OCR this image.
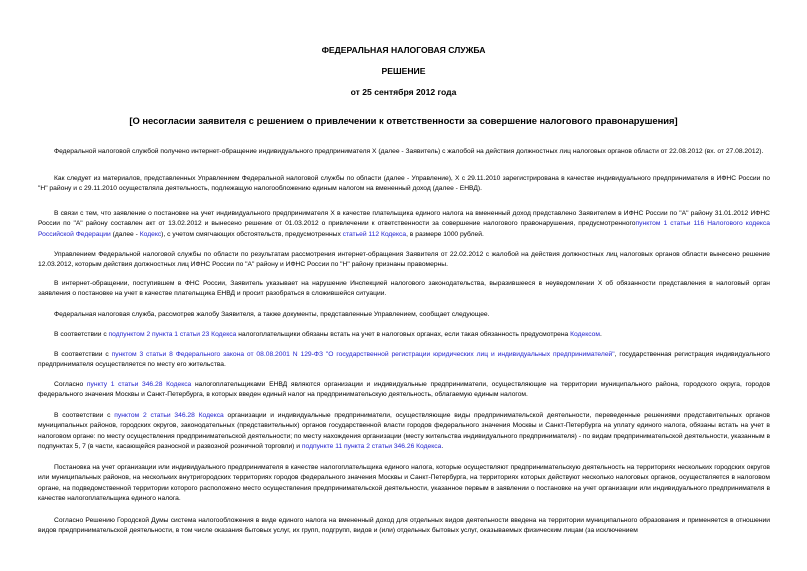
ФЕДЕРАЛЬНАЯ НАЛОГОВАЯ СЛУЖБА
РЕШЕНИЕ
от 25 сентября 2012 года
[О несогласии заявителя с решением о привлечении к ответственности за совершение налогового правонарушения]

Федеральной налоговой службой получено интернет-обращение индивидуального предпринимателя Х (далее - Заявитель) с жалобой на действия должностных лиц налоговых органов области от 22.08.2012 (вх. от 27.08.2012).

Как следует из материалов, представленных Управлением Федеральной налоговой службы по области (далее - Управление), Х с 29.11.2010 зарегистрирована в качестве индивидуального предпринимателя в ИФНС России по "Н" району и с 29.11.2010 осуществляла деятельность, подлежащую налогообложению единым налогом на вмененный доход (далее - ЕНВД).

В связи с тем, что заявление о постановке на учет индивидуального предпринимателя Х в качестве плательщика единого налога на вмененный доход представлено Заявителем в ИФНС России по "А" району 31.01.2012 ИФНС России по "А" району составлен акт от 13.02.2012 и вынесено решение от 01.03.2012 о привлечении к ответственности за совершение налогового правонарушения, предусмотренногопунктом 1 статьи 116 Налогового кодекса Российской Федерации (далее - Кодекс), с учетом смягчающих обстоятельств, предусмотренных статьей 112 Кодекса, в размере 1000 рублей.

Управлением Федеральной налоговой службы по области по результатам рассмотрения интернет-обращения Заявителя от 22.02.2012 с жалобой на действия должностных лиц налоговых органов области вынесено решение 12.03.2012, которым действия должностных лиц ИФНС России по "А" району и ИФНС России по "Н" району признаны правомерны.

В интернет-обращении, поступившем в ФНС России, Заявитель указывает на нарушение Инспекцией налогового законодательства, выразившееся в неуведомлении Х об обязанности представления в налоговый орган заявления о постановке на учет в качестве плательщика ЕНВД и просит разобраться в сложившейся ситуации.

Федеральная налоговая служба, рассмотрев жалобу Заявителя, а также документы, представленные Управлением, сообщает следующее.

В соответствии с подпунктом 2 пункта 1 статьи 23 Кодекса налогоплательщики обязаны встать на учет в налоговых органах, если такая обязанность предусмотрена Кодексом.

В соответствии с пунктом 3 статьи 8 Федерального закона от 08.08.2001 N 129-ФЗ "О государственной регистрации юридических лиц и индивидуальных предпринимателей", государственная регистрация индивидуального предпринимателя осуществляется по месту его жительства.

Согласно пункту 1 статьи 346.28 Кодекса налогоплательщиками ЕНВД являются организации и индивидуальные предприниматели, осуществляющие на территории муниципального района, городского округа, городов федерального значения Москвы и Санкт-Петербурга, в которых введен единый налог на предпринимательскую деятельность, облагаемую единым налогом.

В соответствии с пунктом 2 статьи 346.28 Кодекса организации и индивидуальные предприниматели, осуществляющие виды предпринимательской деятельности, переведенные решениями представительных органов муниципальных районов, городских округов, законодательных (представительных) органов государственной власти городов федерального значения Москвы и Санкт-Петербурга на уплату единого налога, обязаны встать на учет в налоговом органе: по месту осуществления предпринимательской деятельности; по месту нахождения организации (месту жительства индивидуального предпринимателя) - по видам предпринимательской деятельности, указанным в подпунктах 5, 7 (в части, касающейся разносной и развозной розничной торговли) и подпункте 11 пункта 2 статьи 346.26 Кодекса.

Постановка на учет организации или индивидуального предпринимателя в качестве налогоплательщика единого налога, которые осуществляют предпринимательскую деятельность на территориях нескольких городских округов или муниципальных районов, на нескольких внутригородских территориях городов федерального значения Москвы и Санкт-Петербурга, на территориях которых действуют несколько налоговых органов, осуществляется в налоговом органе, на подведомственной территории которого расположено место осуществления предпринимательской деятельности, указанное первым в заявлении о постановке на учет организации или индивидуального предпринимателя в качестве налогоплательщика единого налога.

Согласно Решению Городской Думы система налогообложения в виде единого налога на вмененный доход для отдельных видов деятельности введена на территории муниципального образования и применяется в отношении видов предпринимательской деятельности, в том числе оказания бытовых услуг, их групп, подгрупп, видов и (или) отдельных бытовых услуг, оказываемых физическим лицам (за исключением
